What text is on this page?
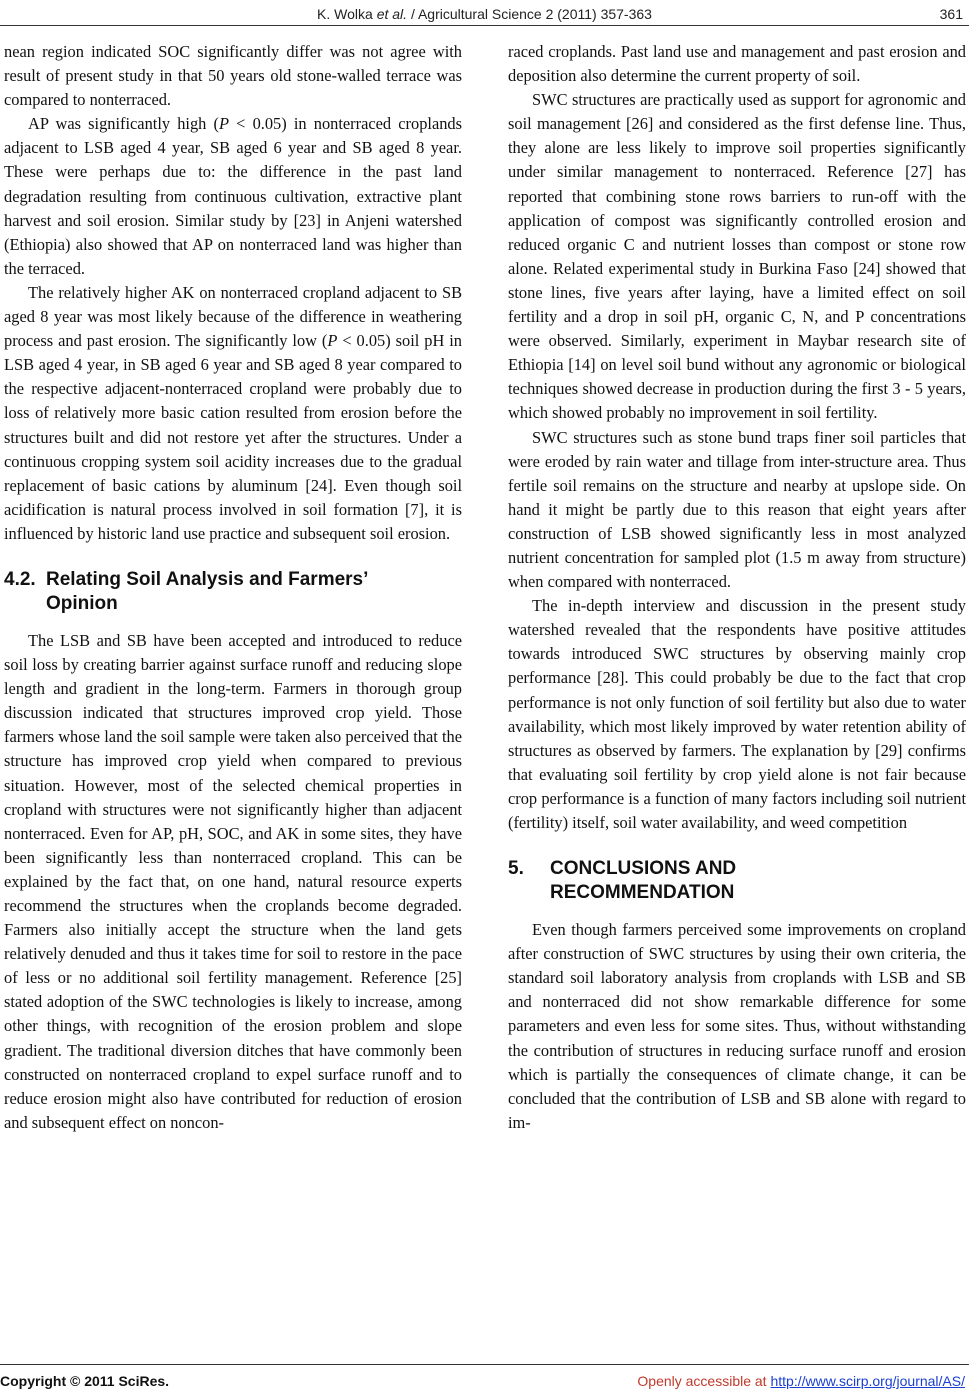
K. Wolka et al. / Agricultural Science 2 (2011) 357-363	361

nean region indicated SOC significantly differ was not agree with result of present study in that 50 years old stone-walled terrace was compared to nonterraced.

AP was significantly high (P < 0.05) in nonterraced croplands adjacent to LSB aged 4 year, SB aged 6 year and SB aged 8 year. These were perhaps due to: the difference in the past land degradation resulting from continuous cultivation, extractive plant harvest and soil erosion. Similar study by [23] in Anjeni watershed (Ethiopia) also showed that AP on nonterraced land was higher than the terraced.

The relatively higher AK on nonterraced cropland adjacent to SB aged 8 year was most likely because of the difference in weathering process and past erosion. The significantly low (P < 0.05) soil pH in LSB aged 4 year, in SB aged 6 year and SB aged 8 year compared to the respective adjacent-nonterraced cropland were probably due to loss of relatively more basic cation resulted from erosion before the structures built and did not restore yet after the structures. Under a continuous cropping system soil acidity increases due to the gradual replacement of basic cations by aluminum [24]. Even though soil acidification is natural process involved in soil formation [7], it is influenced by historic land use practice and subsequent soil erosion.

4.2. Relating Soil Analysis and Farmers’
Opinion

The LSB and SB have been accepted and introduced to reduce soil loss by creating barrier against surface runoff and reducing slope length and gradient in the long-term. Farmers in thorough group discussion indicated that structures improved crop yield. Those farmers whose land the soil sample were taken also perceived that the structure has improved crop yield when compared to previous situation. However, most of the selected chemical properties in cropland with structures were not significantly higher than adjacent nonterraced. Even for AP, pH, SOC, and AK in some sites, they have been significantly less than nonterraced cropland. This can be explained by the fact that, on one hand, natural resource experts recommend the structures when the croplands become degraded. Farmers also initially accept the structure when the land gets relatively denuded and thus it takes time for soil to restore in the pace of less or no additional soil fertility management. Reference [25] stated adoption of the SWC technologies is likely to increase, among other things, with recognition of the erosion problem and slope gradient. The traditional diversion ditches that have commonly been constructed on nonterraced cropland to expel surface runoff and to reduce erosion might also have contributed for reduction of erosion and subsequent effect on noncon-

raced croplands. Past land use and management and past erosion and deposition also determine the current property of soil.

SWC structures are practically used as support for agronomic and soil management [26] and considered as the first defense line. Thus, they alone are less likely to improve soil properties significantly under similar management to nonterraced. Reference [27] has reported that combining stone rows barriers to run-off with the application of compost was significantly controlled erosion and reduced organic C and nutrient losses than compost or stone row alone. Related experimental study in Burkina Faso [24] showed that stone lines, five years after laying, have a limited effect on soil fertility and a drop in soil pH, organic C, N, and P concentrations were observed. Similarly, experiment in Maybar research site of Ethiopia [14] on level soil bund without any agronomic or biological techniques showed decrease in production during the first 3 - 5 years, which showed probably no improvement in soil fertility.

SWC structures such as stone bund traps finer soil particles that were eroded by rain water and tillage from inter-structure area. Thus fertile soil remains on the structure and nearby at upslope side. On hand it might be partly due to this reason that eight years after construction of LSB showed significantly less in most analyzed nutrient concentration for sampled plot (1.5 m away from structure) when compared with nonterraced.

The in-depth interview and discussion in the present study watershed revealed that the respondents have positive attitudes towards introduced SWC structures by observing mainly crop performance [28]. This could probably be due to the fact that crop performance is not only function of soil fertility but also due to water availability, which most likely improved by water retention ability of structures as observed by farmers. The explanation by [29] confirms that evaluating soil fertility by crop yield alone is not fair because crop performance is a function of many factors including soil nutrient (fertility) itself, soil water availability, and weed competition

5. CONCLUSIONS AND
RECOMMENDATION

Even though farmers perceived some improvements on cropland after construction of SWC structures by using their own criteria, the standard soil laboratory analysis from croplands with LSB and SB and nonterraced did not show remarkable difference for some parameters and even less for some sites. Thus, without withstanding the contribution of structures in reducing surface runoff and erosion which is partially the consequences of climate change, it can be concluded that the contribution of LSB and SB alone with regard to im-

Copyright © 2011 SciRes.	Openly accessible at http://www.scirp.org/journal/AS/
